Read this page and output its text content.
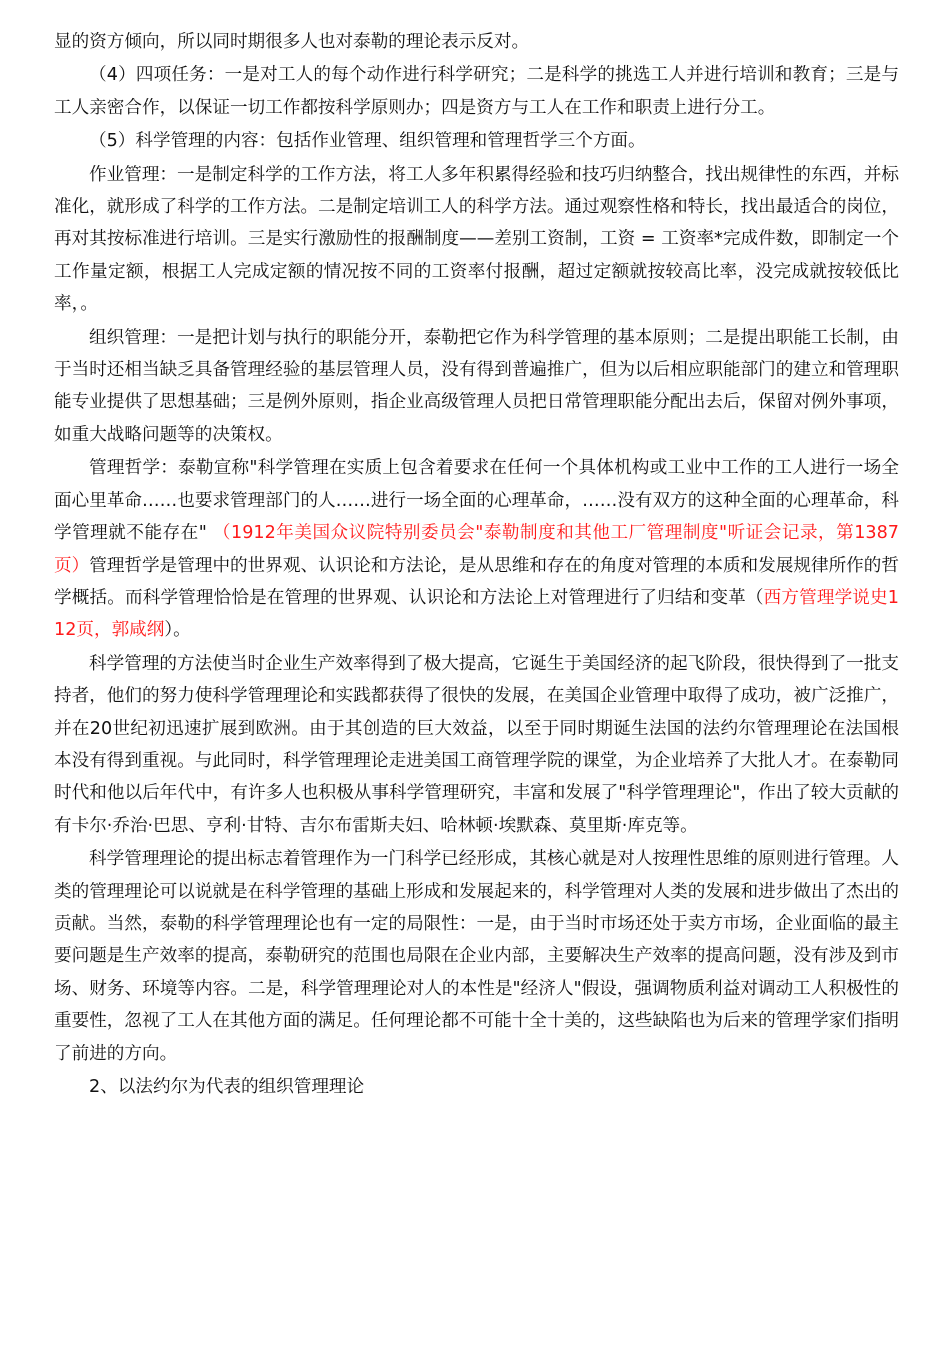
显的资方倾向，所以同时期很多人也对泰勒的理论表示反对。

（4）四项任务：一是对工人的每个动作进行科学研究；二是科学的挑选工人并进行培训和教育；三是与工人亲密合作，以保证一切工作都按科学原则办；四是资方与工人在工作和职责上进行分工。

（5）科学管理的内容：包括作业管理、组织管理和管理哲学三个方面。

作业管理：一是制定科学的工作方法，将工人多年积累得经验和技巧归纳整合，找出规律性的东西，并标准化，就形成了科学的工作方法。二是制定培训工人的科学方法。通过观察性格和特长，找出最适合的岗位，再对其按标准进行培训。三是实行激励性的报酬制度——差别工资制，工资 = 工资率*完成件数，即制定一个工作量定额，根据工人完成定额的情况按不同的工资率付报酬，超过定额就按较高比率，没完成就按较低比率，。

组织管理：一是把计划与执行的职能分开，泰勒把它作为科学管理的基本原则；二是提出职能工长制，由于当时还相当缺乏具备管理经验的基层管理人员，没有得到普遍推广，但为以后相应职能部门的建立和管理职能专业提供了思想基础；三是例外原则，指企业高级管理人员把日常管理职能分配出去后，保留对例外事项，如重大战略问题等的决策权。

管理哲学：泰勒宣称"科学管理在实质上包含着要求在任何一个具体机构或工业中工作的工人进行一场全面心里革命……也要求管理部门的人……进行一场全面的心理革命，……没有双方的这种全面的心理革命，科学管理就不能存在" （1912年美国众议院特别委员会"泰勒制度和其他工厂管理制度"听证会记录，第1387页）管理哲学是管理中的世界观、认识论和方法论，是从思维和存在的角度对管理的本质和发展规律所作的哲学概括。而科学管理恰恰是在管理的世界观、认识论和方法论上对管理进行了归结和变革（西方管理学说史112页，郭咸纲）。

科学管理的方法使当时企业生产效率得到了极大提高，它诞生于美国经济的起飞阶段，很快得到了一批支持者，他们的努力使科学管理理论和实践都获得了很快的发展，在美国企业管理中取得了成功，被广泛推广，并在20世纪初迅速扩展到欧洲。由于其创造的巨大效益，以至于同时期诞生法国的法约尔管理理论在法国根本没有得到重视。与此同时，科学管理理论走进美国工商管理学院的课堂，为企业培养了大批人才。在泰勒同时代和他以后年代中，有许多人也积极从事科学管理研究，丰富和发展了"科学管理理论"，作出了较大贡献的有卡尔·乔治·巴思、亨利·甘特、吉尔布雷斯夫妇、哈林顿·埃默森、莫里斯·库克等。

科学管理理论的提出标志着管理作为一门科学已经形成，其核心就是对人按理性思维的原则进行管理。人类的管理理论可以说就是在科学管理的基础上形成和发展起来的，科学管理对人类的发展和进步做出了杰出的贡献。当然，泰勒的科学管理理论也有一定的局限性：一是，由于当时市场还处于卖方市场，企业面临的最主要问题是生产效率的提高，泰勒研究的范围也局限在企业内部，主要解决生产效率的提高问题，没有涉及到市场、财务、环境等内容。二是，科学管理理论对人的本性是"经济人"假设，强调物质利益对调动工人积极性的重要性，忽视了工人在其他方面的满足。任何理论都不可能十全十美的，这些缺陷也为后来的管理学家们指明了前进的方向。

2、以法约尔为代表的组织管理理论
